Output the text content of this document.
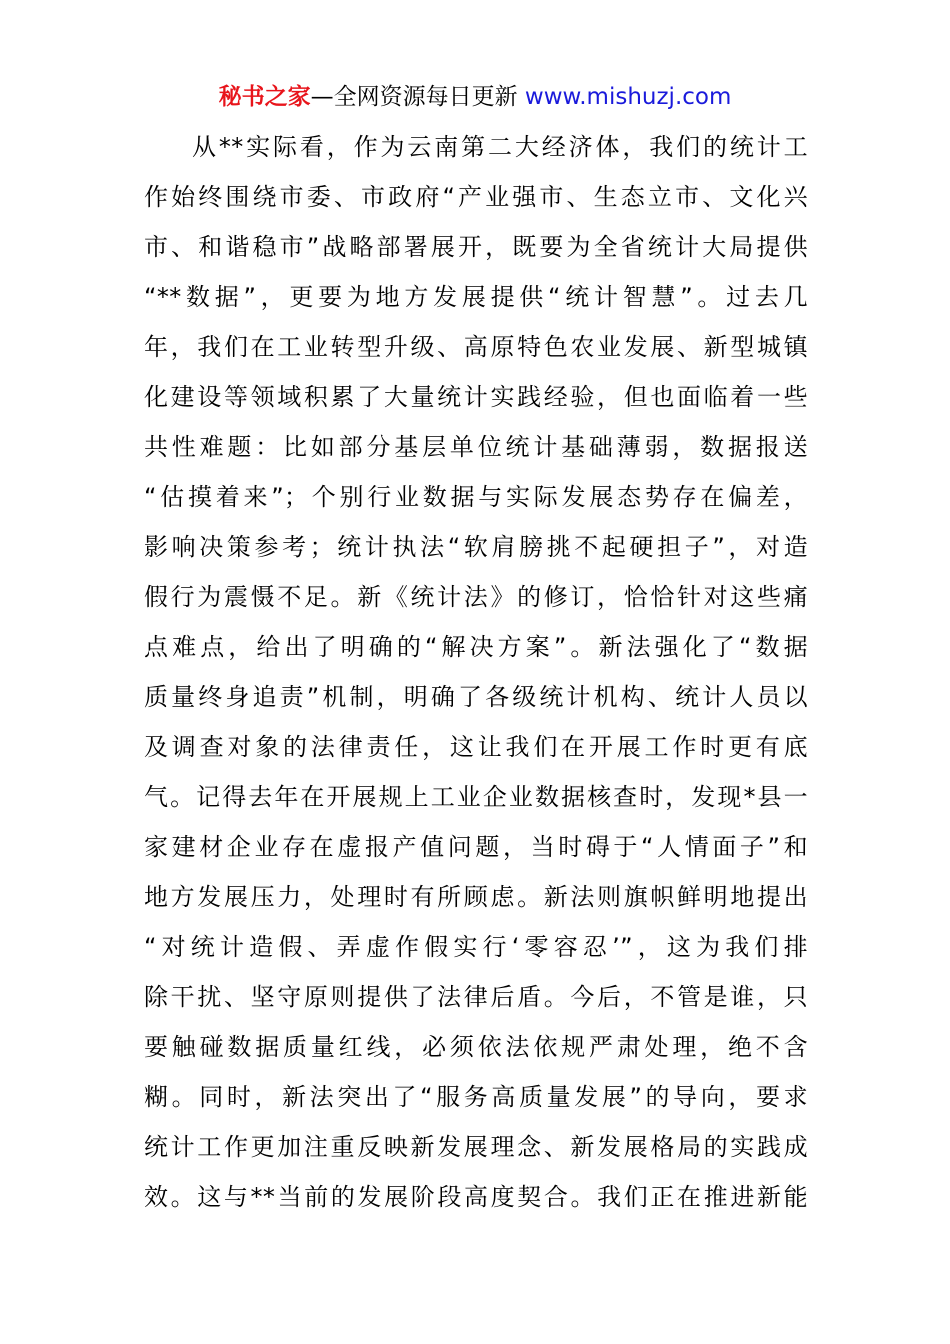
秘书之家—全网资源每日更新 www.mishuzj.com
从**实际看，作为云南第二大经济体，我们的统计工
作始终围绕市委、市政府“产业强市、生态立市、文化兴
市、和谐稳市”战略部署展开，既要为全省统计大局提供
“**数据”，更要为地方发展提供“统计智慧”。过去几
年，我们在工业转型升级、高原特色农业发展、新型城镇
化建设等领域积累了大量统计实践经验，但也面临着一些
共性难题：比如部分基层单位统计基础薄弱，数据报送
“估摸着来”；个别行业数据与实际发展态势存在偏差，
影响决策参考；统计执法“软肩膀挑不起硬担子”，对造
假行为震慑不足。新《统计法》的修订，恰恰针对这些痛
点难点，给出了明确的“解决方案”。新法强化了“数据
质量终身追责”机制，明确了各级统计机构、统计人员以
及调查对象的法律责任，这让我们在开展工作时更有底
气。记得去年在开展规上工业企业数据核查时，发现*县一
家建材企业存在虚报产值问题，当时碍于“人情面子”和
地方发展压力，处理时有所顾虑。新法则旗帜鲜明地提出
“对统计造假、弄虚作假实行‘零容忍’”，这为我们排
除干扰、坚守原则提供了法律后盾。今后，不管是谁，只
要触碰数据质量红线，必须依法依规严肃处理，绝不含
糊。同时，新法突出了“服务高质量发展”的导向，要求
统计工作更加注重反映新发展理念、新发展格局的实践成
效。这与**当前的发展阶段高度契合。我们正在推进新能
